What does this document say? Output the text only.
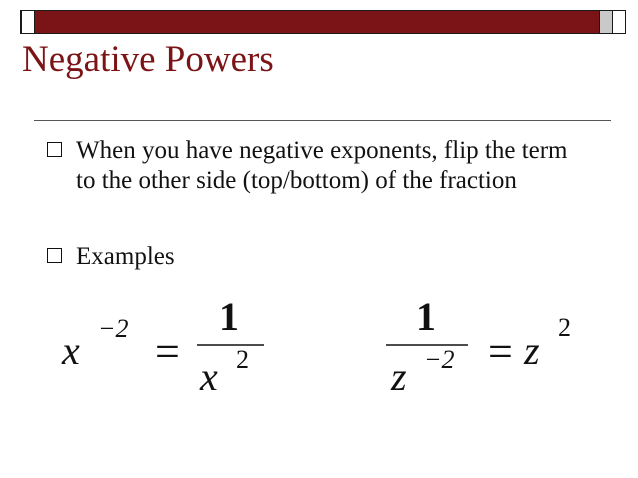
Negative Powers
When you have negative exponents, flip the term to the other side (top/bottom) of the fraction
Examples
x −2 =
1
x 2
1
z −2 = z
2
